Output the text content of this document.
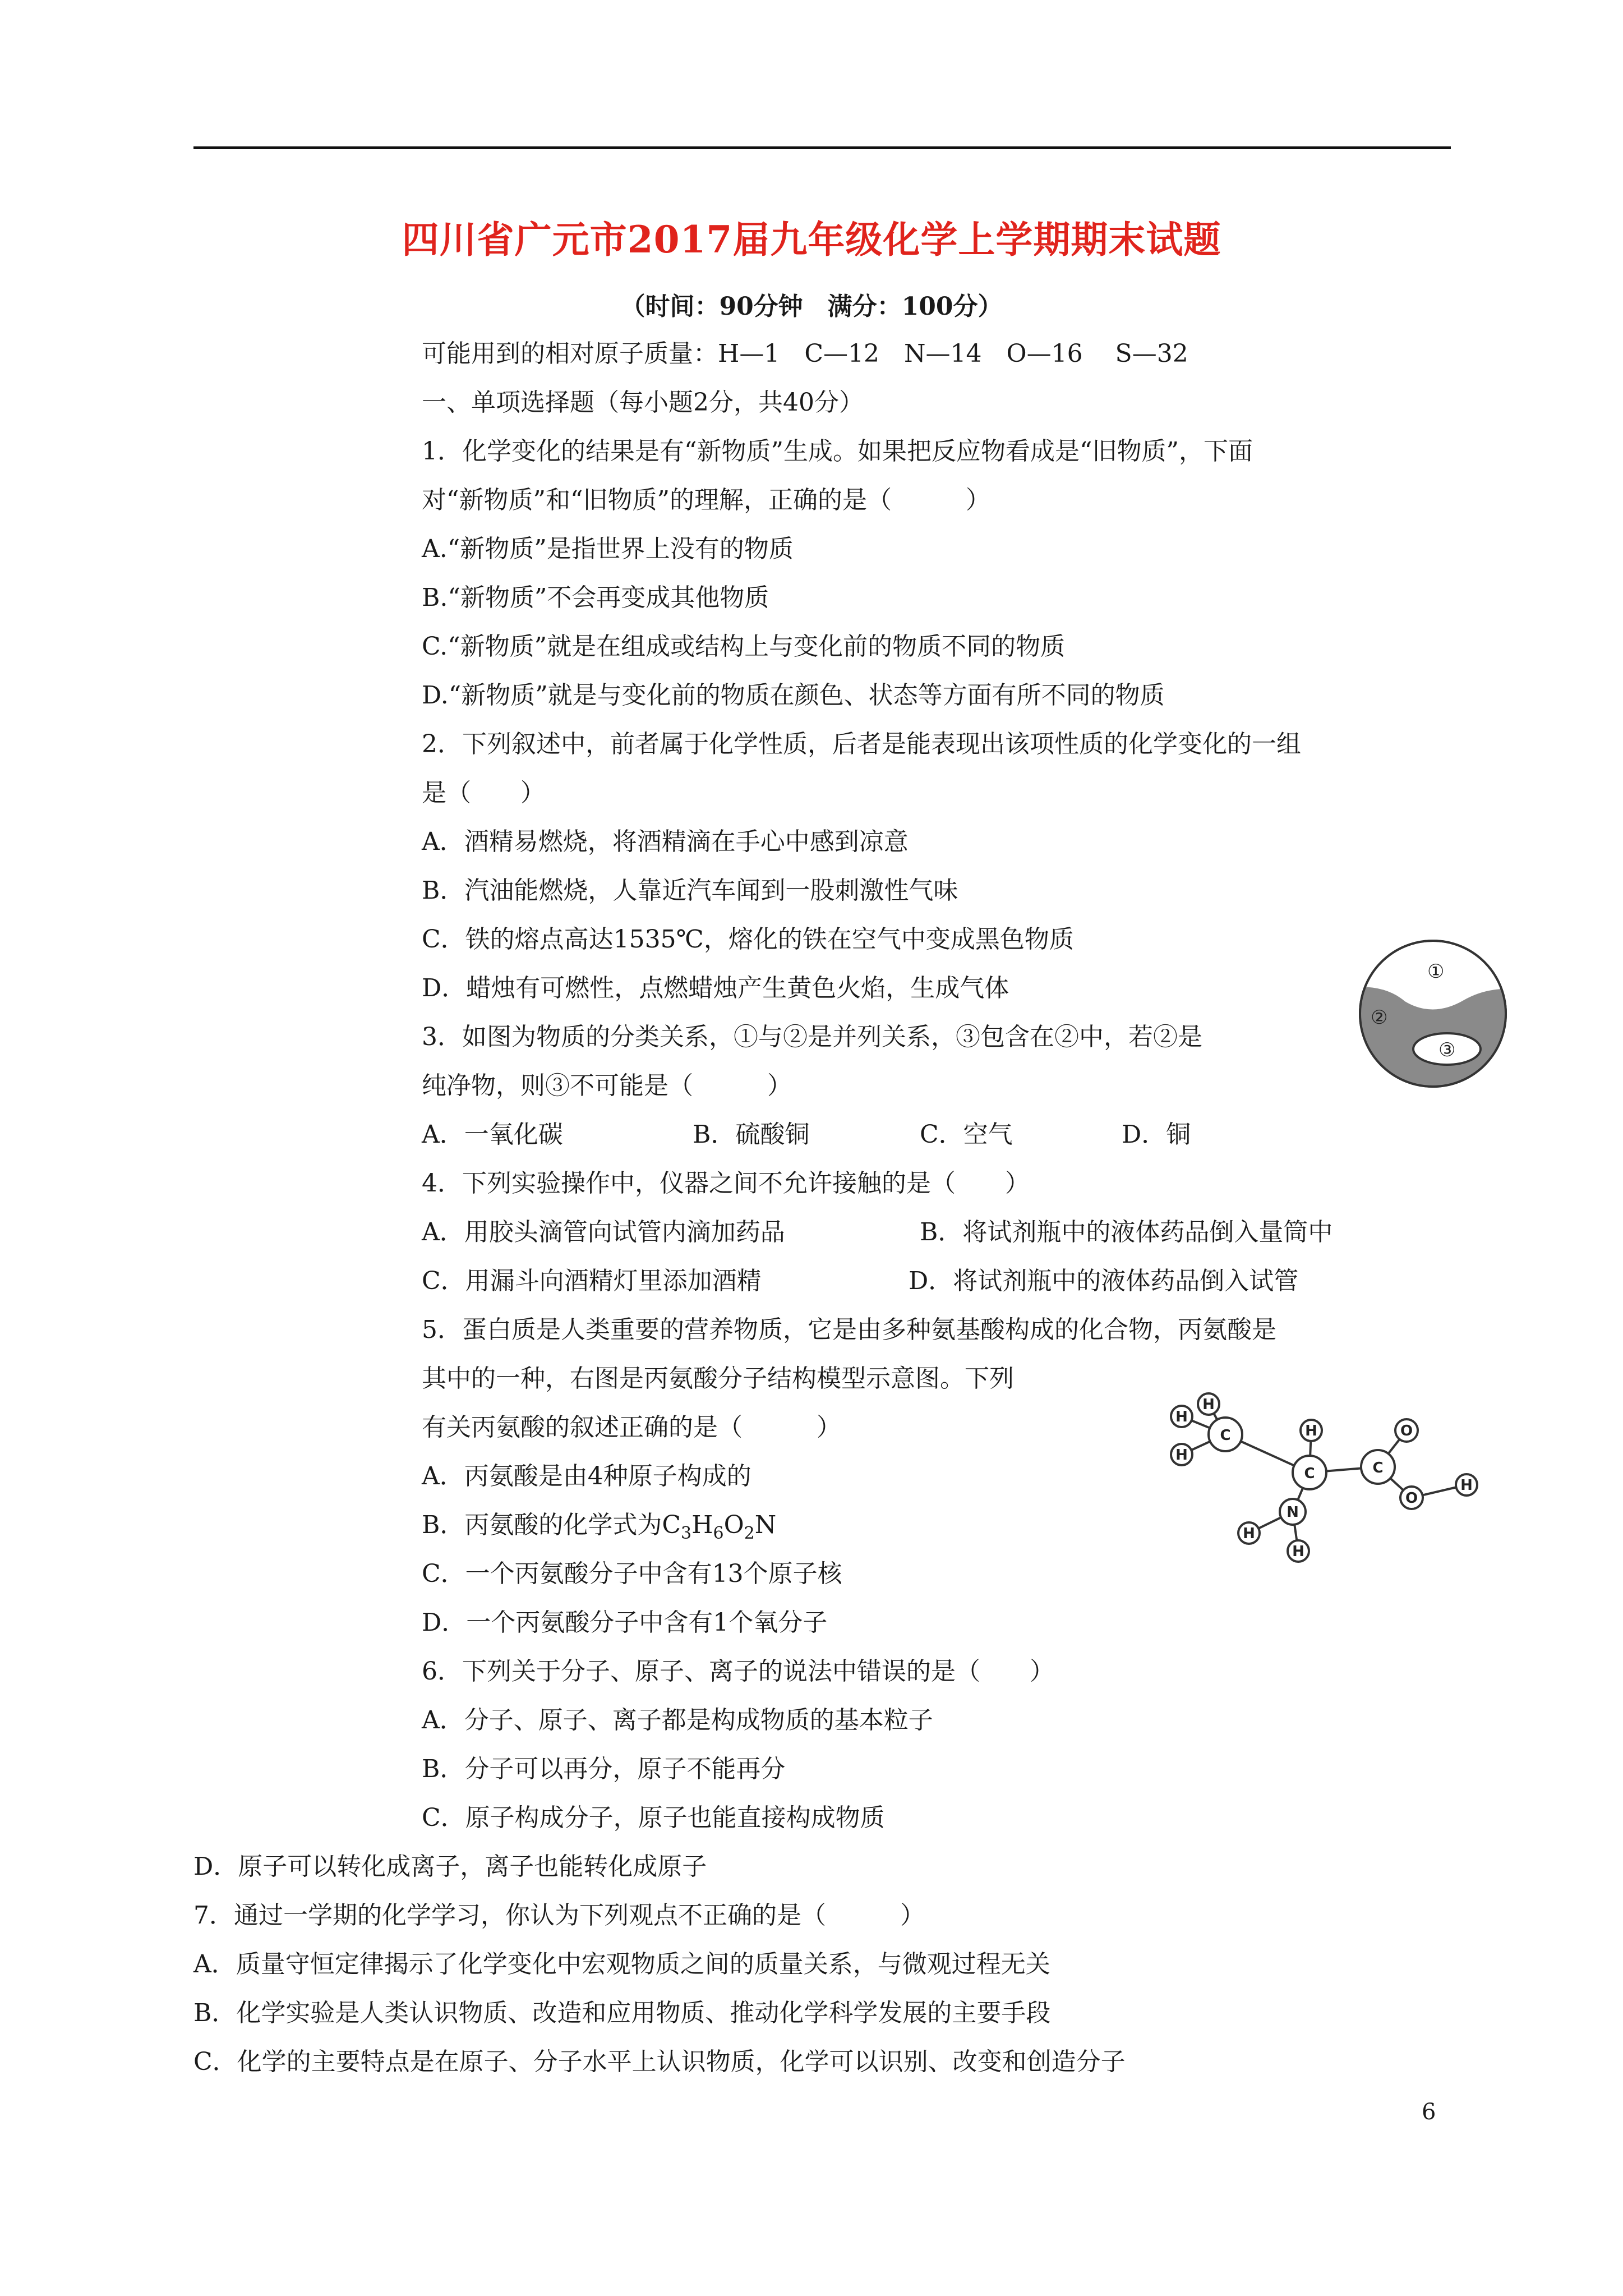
四川省广元市2017届九年级化学上学期期末试题
（时间：90分钟　满分：100分）
可能用到的相对原子质量：H—1　C—12　N—14　O—16　 S—32
一、单项选择题（每小题2分，共40分）
1．化学变化的结果是有“新物质”生成。如果把反应物看成是“旧物质”，下面
对“新物质”和“旧物质”的理解，正确的是（　　　）
A.“新物质”是指世界上没有的物质
B.“新物质”不会再变成其他物质
C.“新物质”就是在组成或结构上与变化前的物质不同的物质
D.“新物质”就是与变化前的物质在颜色、状态等方面有所不同的物质
2．下列叙述中，前者属于化学性质，后者是能表现出该项性质的化学变化的一组
是（　　）
A．酒精易燃烧，将酒精滴在手心中感到凉意
B．汽油能燃烧，人靠近汽车闻到一股刺激性气味
C．铁的熔点高达1535℃，熔化的铁在空气中变成黑色物质
D．蜡烛有可燃性，点燃蜡烛产生黄色火焰，生成气体
①
②
③
3．如图为物质的分类关系，①与②是并列关系，③包含在②中，若②是
纯净物，则③不可能是（　　　）
A．一氧化碳	B．硫酸铜	C．空气	D．铜
4．下列实验操作中，仪器之间不允许接触的是（　　）
A．用胶头滴管向试管内滴加药品	B．将试剂瓶中的液体药品倒入量筒中
C．用漏斗向酒精灯里添加酒精	D．将试剂瓶中的液体药品倒入试管
5．蛋白质是人类重要的营养物质，它是由多种氨基酸构成的化合物，丙氨酸是
其中的一种，右图是丙氨酸分子结构模型示意图。下列
有关丙氨酸的叙述正确的是（　　　）
A．丙氨酸是由4种原子构成的
B．丙氨酸的化学式为$C_3H_6O_2N$
C．一个丙氨酸分子中含有13个原子核
D．一个丙氨酸分子中含有1个氧分子
H
H
H
C	H
C	C
O
O
H
N
H
H
6．下列关于分子、原子、离子的说法中错误的是（　　）
A．分子、原子、离子都是构成物质的基本粒子
B．分子可以再分，原子不能再分
C．原子构成分子，原子也能直接构成物质
D．原子可以转化成离子，离子也能转化成原子
7．通过一学期的化学学习，你认为下列观点不正确的是（　　　）
A．质量守恒定律揭示了化学变化中宏观物质之间的质量关系，与微观过程无关
B．化学实验是人类认识物质、改造和应用物质、推动化学科学发展的主要手段
C．化学的主要特点是在原子、分子水平上认识物质，化学可以识别、改变和创造分子
6
